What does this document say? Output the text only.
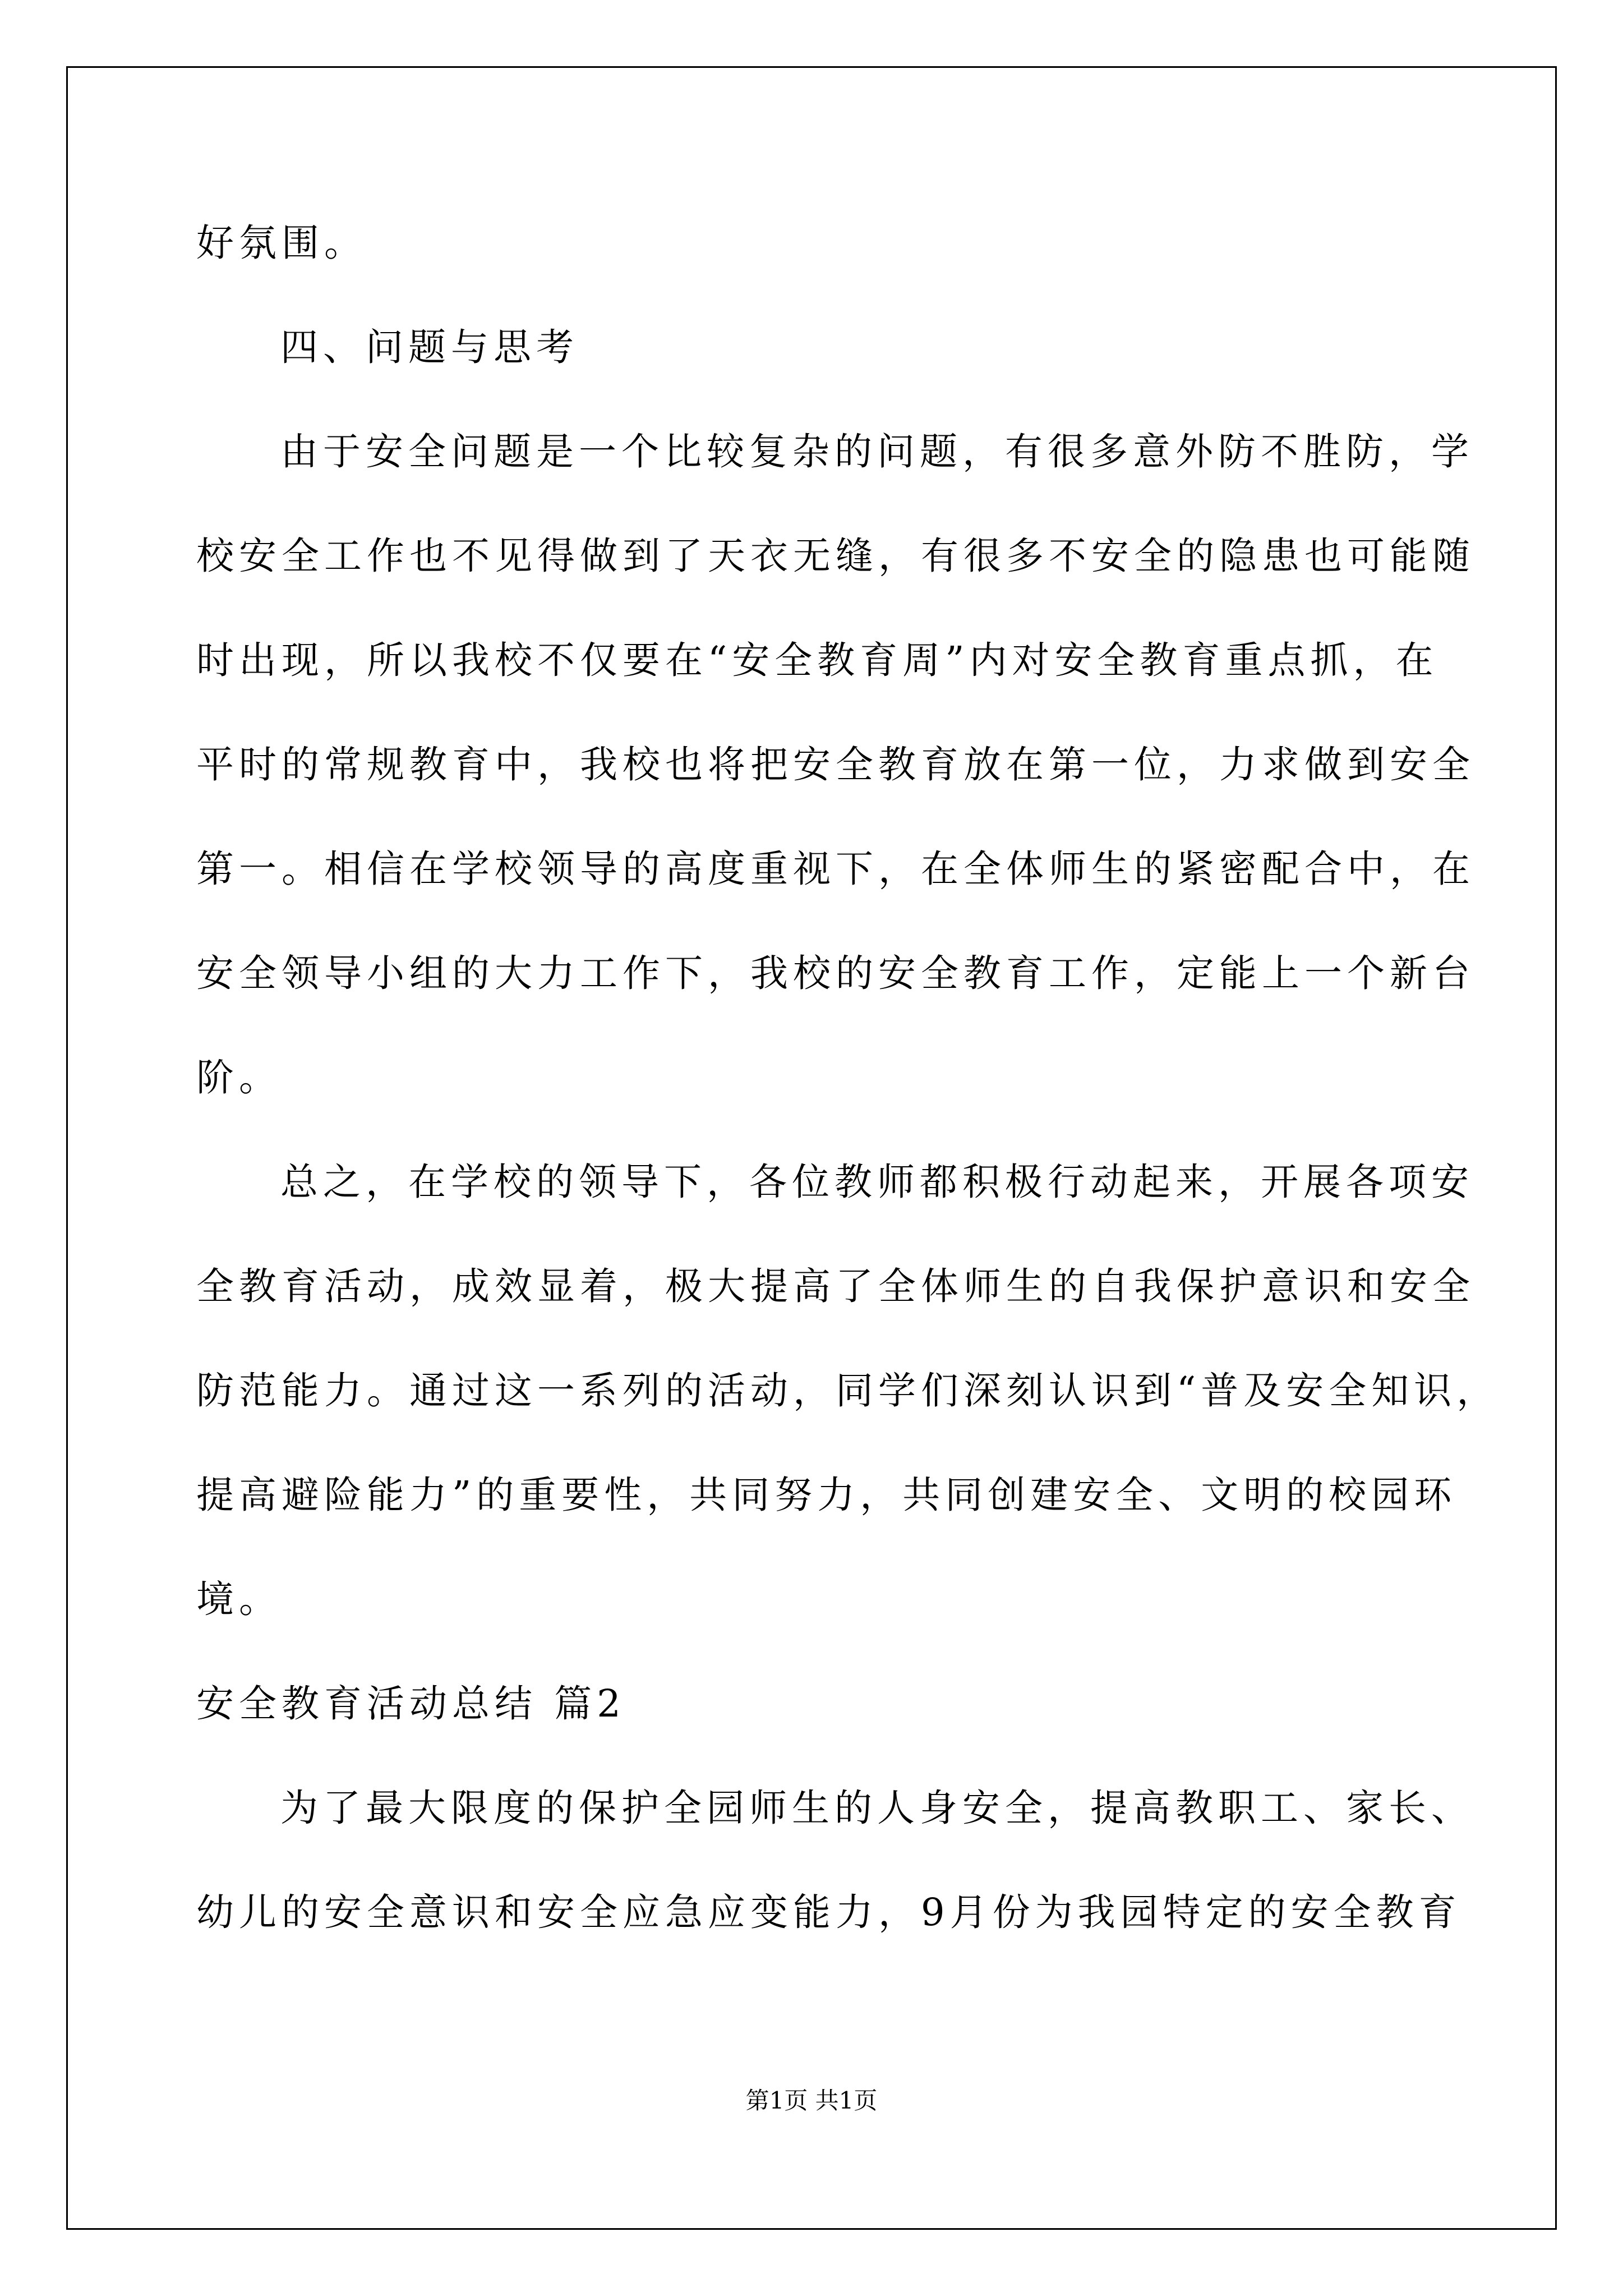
好氛围。
四、问题与思考
由于安全问题是一个比较复杂的问题，有很多意外防不胜防，学
校安全工作也不见得做到了天衣无缝，有很多不安全的隐患也可能随
时出现，所以我校不仅要在“安全教育周”内对安全教育重点抓，在
平时的常规教育中，我校也将把安全教育放在第一位，力求做到安全
第一。相信在学校领导的高度重视下，在全体师生的紧密配合中，在
安全领导小组的大力工作下，我校的安全教育工作，定能上一个新台
阶。
总之，在学校的领导下，各位教师都积极行动起来，开展各项安
全教育活动，成效显着，极大提高了全体师生的自我保护意识和安全
防范能力。通过这一系列的活动，同学们深刻认识到“普及安全知识，
提高避险能力”的重要性，共同努力，共同创建安全、文明的校园环
境。
安全教育活动总结 篇2
为了最大限度的保护全园师生的人身安全，提高教职工、家长、
幼儿的安全意识和安全应急应变能力，9月份为我园特定的安全教育
第1页 共1页
